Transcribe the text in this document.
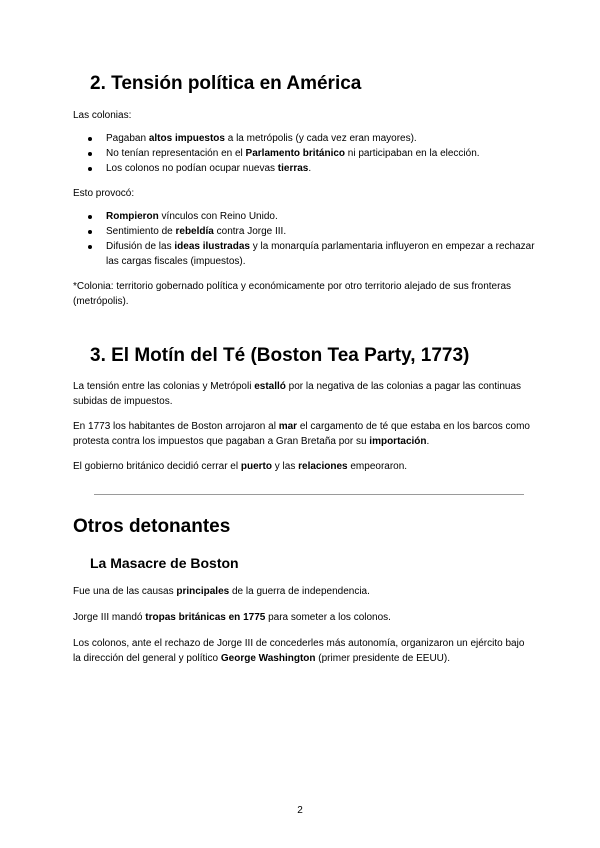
2. Tensión política en América
Las colonias:
Pagaban altos impuestos a la metrópolis (y cada vez eran mayores).
No tenían representación en el Parlamento británico ni participaban en la elección.
Los colonos no podían ocupar nuevas tierras.
Esto provocó:
Rompieron vínculos con Reino Unido.
Sentimiento de rebeldía contra Jorge III.
Difusión de las ideas ilustradas y la monarquía parlamentaria influyeron en empezar a rechazar las cargas fiscales (impuestos).
*Colonia: territorio gobernado política y económicamente por otro territorio alejado de sus fronteras (metrópolis).
3. El Motín del Té (Boston Tea Party, 1773)
La tensión entre las colonias y Metrópoli estalló por la negativa de las colonias a pagar las continuas subidas de impuestos.
En 1773 los habitantes de Boston arrojaron al mar el cargamento de té que estaba en los barcos como protesta contra los impuestos que pagaban a Gran Bretaña por su importación.
El gobierno británico decidió cerrar el puerto y las relaciones empeoraron.
Otros detonantes
La Masacre de Boston
Fue una de las causas principales de la guerra de independencia.
Jorge III mandó tropas británicas en 1775 para someter a los colonos.
Los colonos, ante el rechazo de Jorge III de concederles más autonomía, organizaron un ejército bajo la dirección del general y político George Washington (primer presidente de EEUU).
2
